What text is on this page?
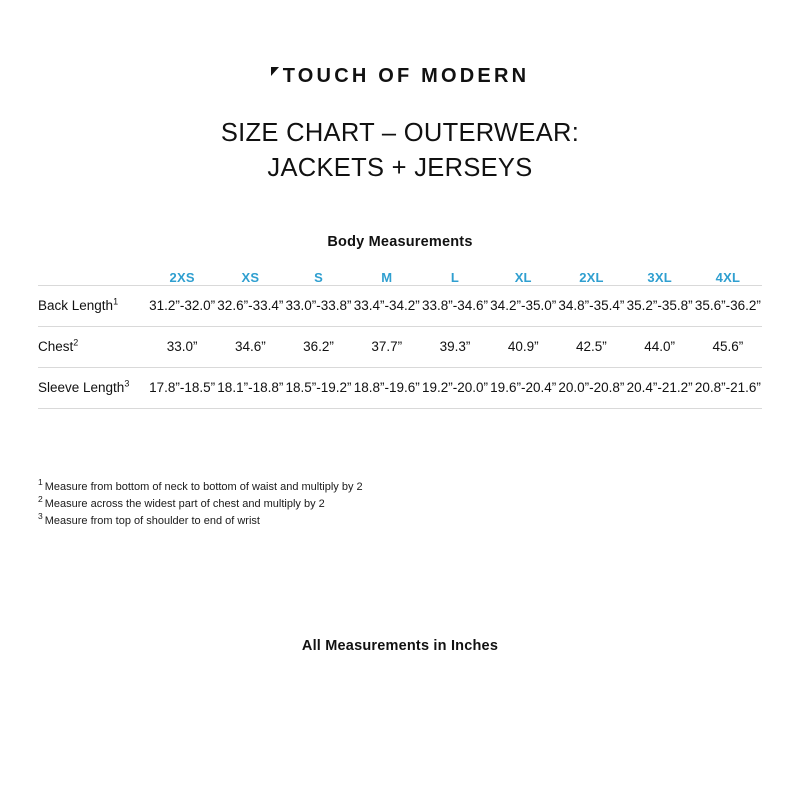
TOUCH OF MODERN
SIZE CHART – OUTERWEAR:
JACKETS + JERSEYS
Body Measurements
	2XS	XS	S	M	L	XL	2XL	3XL	4XL
Back Length$^1$	31.2”-32.0”	32.6”-33.4”	33.0”-33.8”	33.4”-34.2”	33.8”-34.6”	34.2”-35.0”	34.8”-35.4”	35.2”-35.8”	35.6”-36.2”
Chest$^2$	33.0”	34.6”	36.2”	37.7”	39.3”	40.9”	42.5”	44.0”	45.6”
Sleeve Length$^3$	17.8”-18.5”	18.1”-18.8”	18.5”-19.2”	18.8”-19.6”	19.2”-20.0”	19.6”-20.4”	20.0”-20.8”	20.4”-21.2”	20.8”-21.6”
$^1$ Measure from bottom of neck to bottom of waist and multiply by 2
$^2$ Measure across the widest part of chest and multiply by 2
$^3$ Measure from top of shoulder to end of wrist
All Measurements in Inches
